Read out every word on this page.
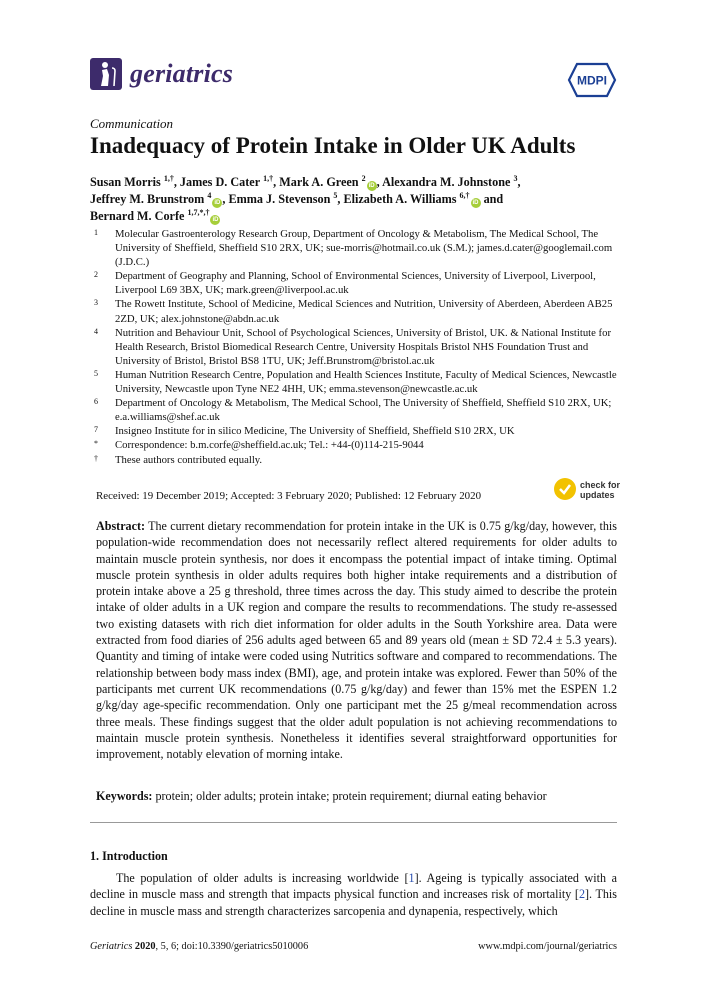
geriatrics	MDPI
Communication
Inadequacy of Protein Intake in Older UK Adults
Susan Morris $^{1,\dagger}$, James D. Cater $^{1,\dagger}$, Mark A. Green $^2$iD , Alexandra M. Johnstone $^3$, Jeffrey M. Brunstrom $^4$iD , Emma J. Stevenson $^5$, Elizabeth A. Williams $^{6,\dagger}$iD and
Bernard M. Corfe $^{1,7,*,\dagger}$iD
1	Molecular Gastroenterology Research Group, Department of Oncology & Metabolism, The Medical School, The University of Sheffield, Sheffield S10 2RX, UK; sue-morris@hotmail.co.uk (S.M.); james.d.cater@googlemail.com (J.D.C.)
2	Department of Geography and Planning, School of Environmental Sciences, University of Liverpool, Liverpool, Liverpool L69 3BX, UK; mark.green@liverpool.ac.uk
3	The Rowett Institute, School of Medicine, Medical Sciences and Nutrition, University of Aberdeen, Aberdeen AB25 2ZD, UK; alex.johnstone@abdn.ac.uk
4	Nutrition and Behaviour Unit, School of Psychological Sciences, University of Bristol, UK. & National Institute for Health Research, Bristol Biomedical Research Centre, University Hospitals Bristol NHS Foundation Trust and University of Bristol, Bristol BS8 1TU, UK; Jeff.Brunstrom@bristol.ac.uk
5	Human Nutrition Research Centre, Population and Health Sciences Institute, Faculty of Medical Sciences, Newcastle University, Newcastle upon Tyne NE2 4HH, UK; emma.stevenson@newcastle.ac.uk
6	Department of Oncology & Metabolism, The Medical School, The University of Sheffield, Sheffield S10 2RX, UK; e.a.williams@shef.ac.uk
7	Insigneo Institute for in silico Medicine, The University of Sheffield, Sheffield S10 2RX, UK
*	Correspondence: b.m.corfe@sheffield.ac.uk; Tel.: +44-(0)114-215-9044
†	These authors contributed equally.
Received: 19 December 2019; Accepted: 3 February 2020; Published: 12 February 2020
check for
updates
Abstract: The current dietary recommendation for protein intake in the UK is 0.75 g/kg/day, however, this population-wide recommendation does not necessarily reflect altered requirements for older adults to maintain muscle protein synthesis, nor does it encompass the potential impact of intake timing. Optimal muscle protein synthesis in older adults requires both higher intake requirements and a distribution of protein intake above a 25 g threshold, three times across the day. This study aimed to describe the protein intake of older adults in a UK region and compare the results to recommendations. The study re-assessed two existing datasets with rich diet information for older adults in the South Yorkshire area. Data were extracted from food diaries of 256 adults aged between 65 and 89 years old (mean ± SD 72.4 ± 5.3 years). Quantity and timing of intake were coded using Nutritics software and compared to recommendations. The relationship between body mass index (BMI), age, and protein intake was explored. Fewer than 50% of the participants met current UK recommendations (0.75 g/kg/day) and fewer than 15% met the ESPEN 1.2 g/kg/day age-specific recommendation. Only one participant met the 25 g/meal recommendation across three meals. These findings suggest that the older adult population is not achieving recommendations to maintain muscle protein synthesis. Nonetheless it identifies several straightforward opportunities for improvement, notably elevation of morning intake.
Keywords: protein; older adults; protein intake; protein requirement; diurnal eating behavior
1. Introduction
The population of older adults is increasing worldwide [1]. Ageing is typically associated with a decline in muscle mass and strength that impacts physical function and increases risk of mortality [2]. This decline in muscle mass and strength characterizes sarcopenia and dynapenia, respectively, which
Geriatrics 2020, 5, 6; doi:10.3390/geriatrics5010006	www.mdpi.com/journal/geriatrics
